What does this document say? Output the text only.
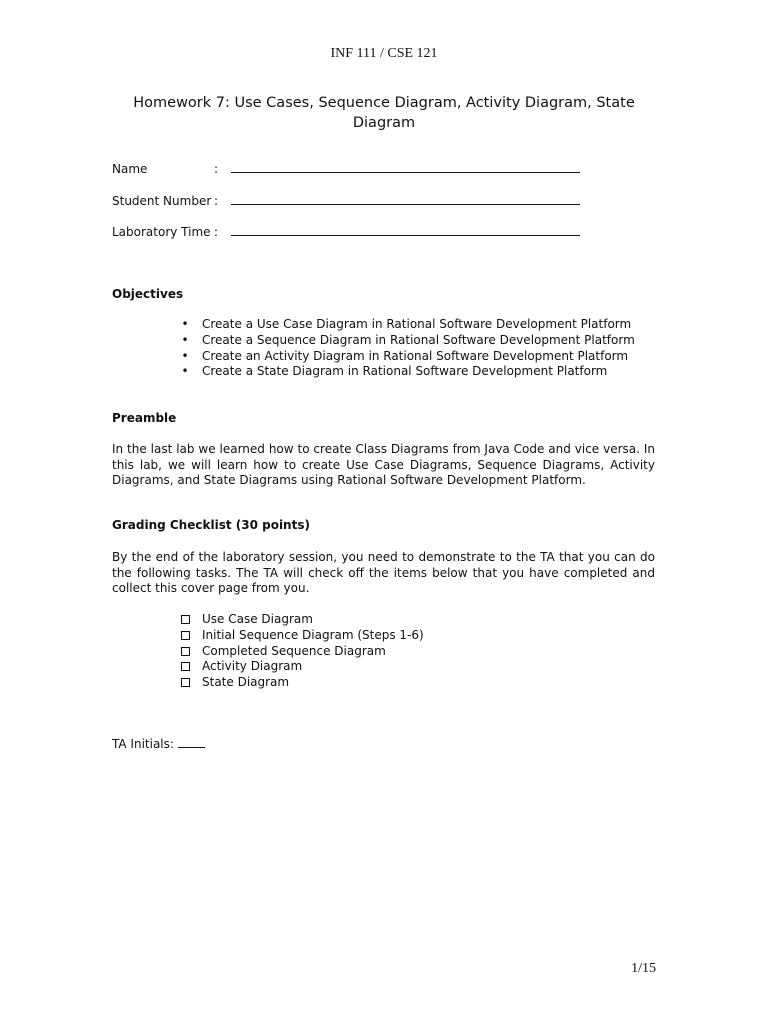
INF 111 / CSE 121
Homework 7: Use Cases, Sequence Diagram, Activity Diagram, State Diagram
Name	:
Student Number :
Laboratory Time :
Objectives
• Create a Use Case Diagram in Rational Software Development Platform
• Create a Sequence Diagram in Rational Software Development Platform
• Create an Activity Diagram in Rational Software Development Platform
• Create a State Diagram in Rational Software Development Platform
Preamble
In the last lab we learned how to create Class Diagrams from Java Code and vice versa. In this lab, we will learn how to create Use Case Diagrams, Sequence Diagrams, Activity Diagrams, and State Diagrams using Rational Software Development Platform.
Grading Checklist (30 points)
By the end of the laboratory session, you need to demonstrate to the TA that you can do the following tasks. The TA will check off the items below that you have completed and collect this cover page from you.
Use Case Diagram
Initial Sequence Diagram (Steps 1-6)
Completed Sequence Diagram
Activity Diagram
State Diagram
TA Initials:
1/15
